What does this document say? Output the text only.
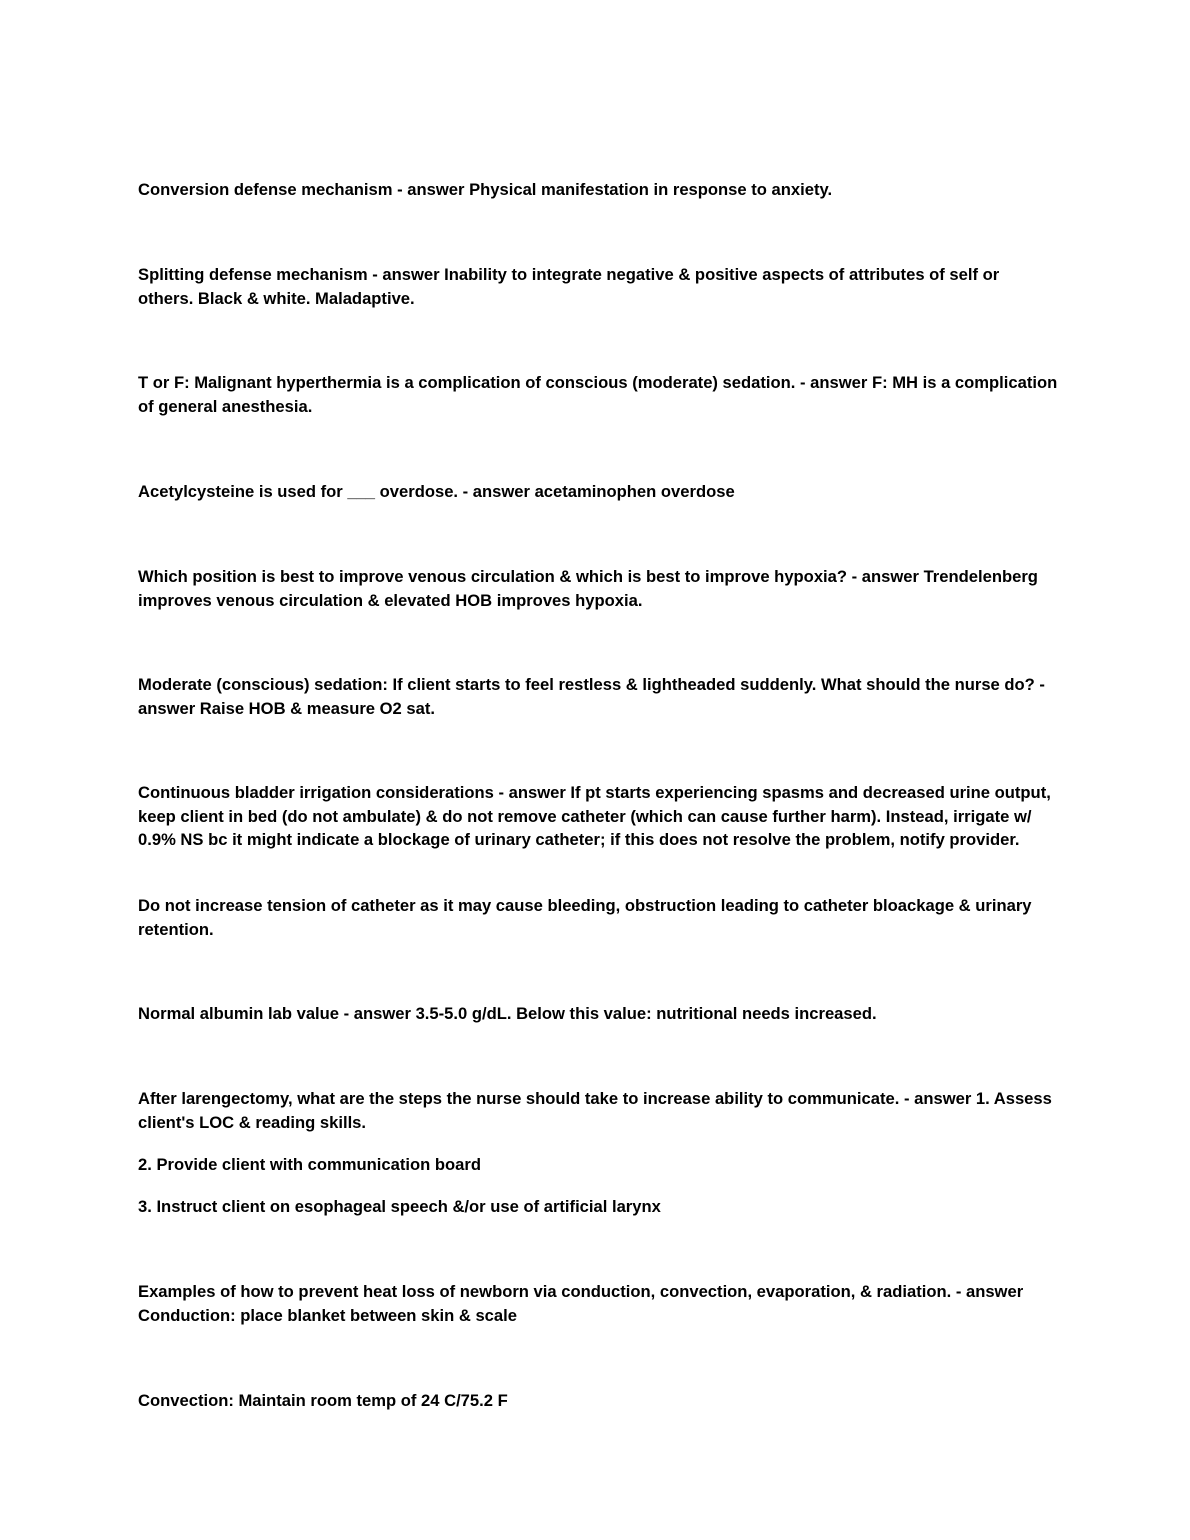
Conversion defense mechanism - answer Physical manifestation in response to anxiety.

Splitting defense mechanism - answer Inability to integrate negative & positive aspects of attributes of self or others. Black & white. Maladaptive.

T or F: Malignant hyperthermia is a complication of conscious (moderate) sedation. - answer F: MH is a complication of general anesthesia.

Acetylcysteine is used for ___ overdose. - answer acetaminophen overdose

Which position is best to improve venous circulation & which is best to improve hypoxia? - answer Trendelenberg improves venous circulation & elevated HOB improves hypoxia.

Moderate (conscious) sedation: If client starts to feel restless & lightheaded suddenly. What should the nurse do? - answer Raise HOB & measure O2 sat.

Continuous bladder irrigation considerations - answer If pt starts experiencing spasms and decreased urine output, keep client in bed (do not ambulate) & do not remove catheter (which can cause further harm). Instead, irrigate w/ 0.9% NS bc it might indicate a blockage of urinary catheter; if this does not resolve the problem, notify provider.

Do not increase tension of catheter as it may cause bleeding, obstruction leading to catheter bloackage & urinary retention.

Normal albumin lab value - answer 3.5-5.0 g/dL. Below this value: nutritional needs increased.

After larengectomy, what are the steps the nurse should take to increase ability to communicate. - answer 1. Assess client's LOC & reading skills.

2. Provide client with communication board

3. Instruct client on esophageal speech &/or use of artificial larynx

Examples of how to prevent heat loss of newborn via conduction, convection, evaporation, & radiation. - answer Conduction: place blanket between skin & scale

Convection: Maintain room temp of 24 C/75.2 F
